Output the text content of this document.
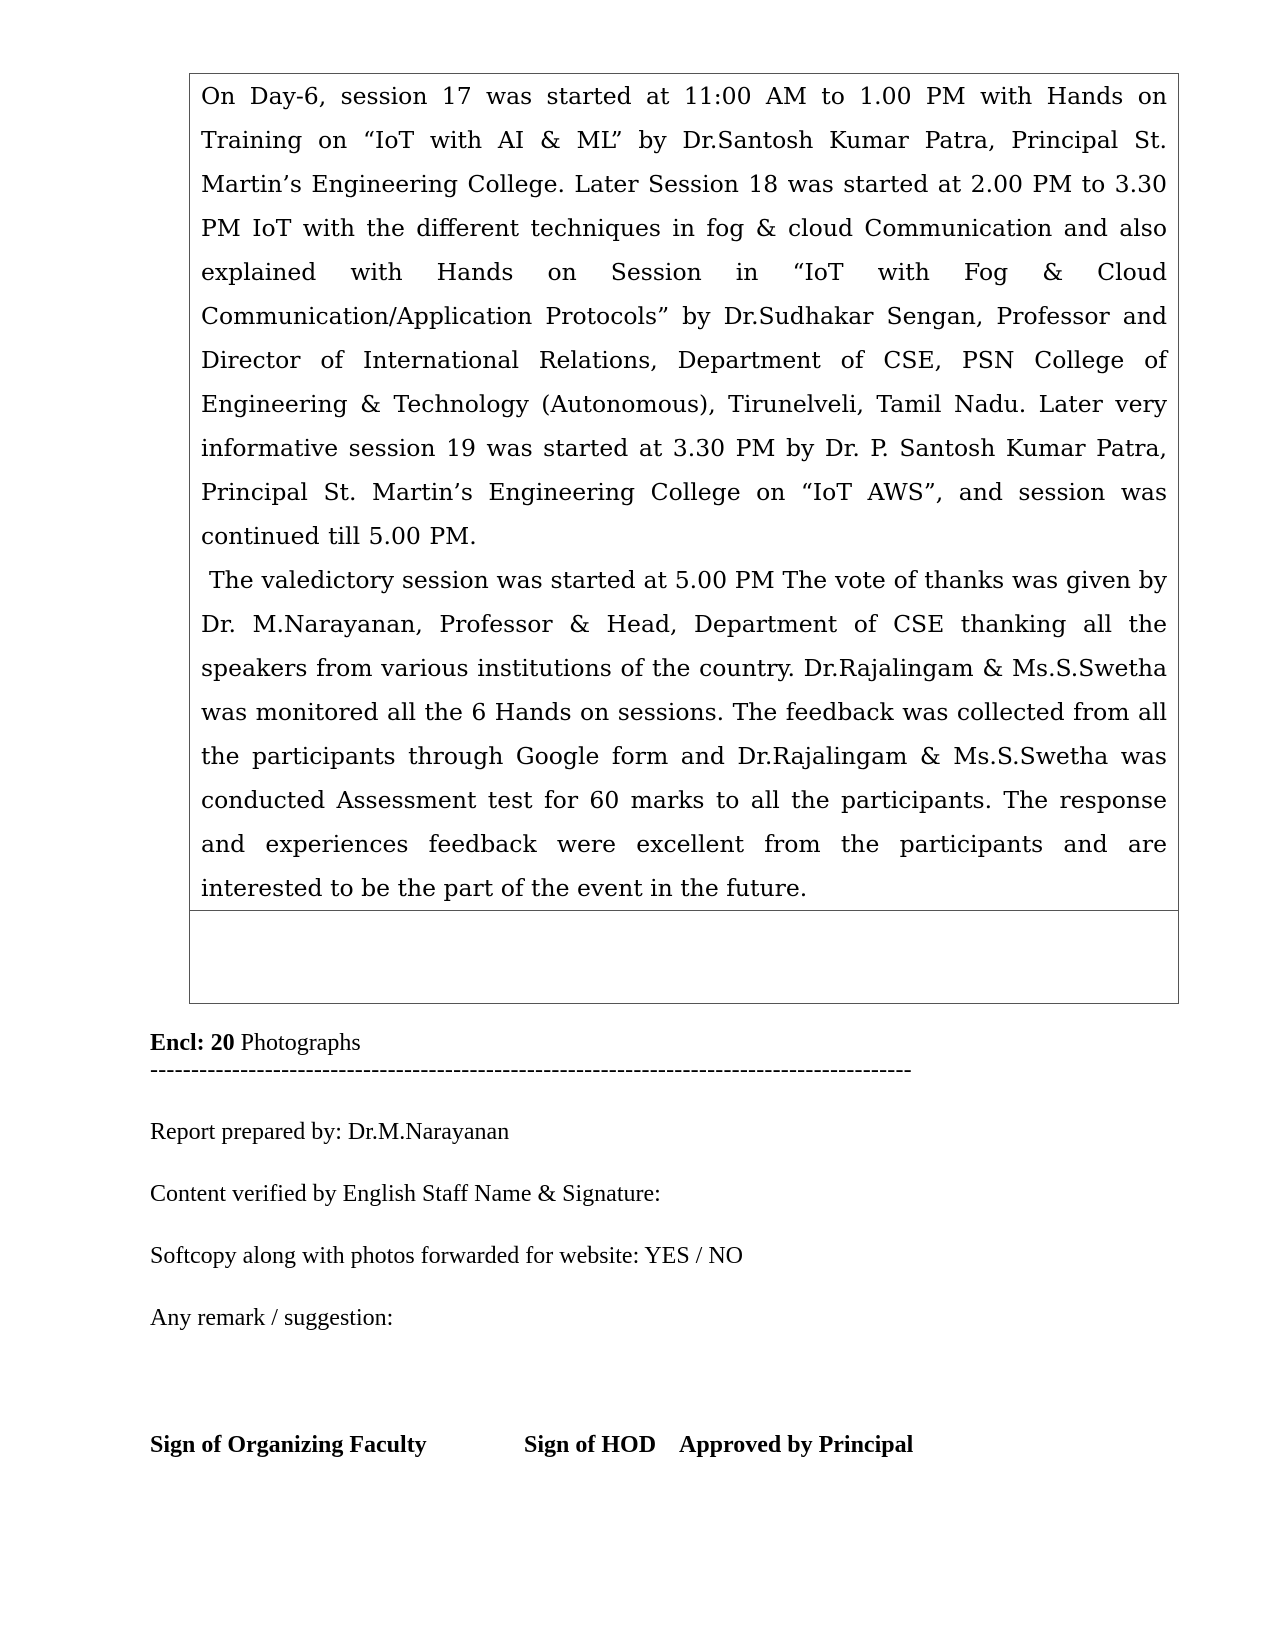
On Day-6, session 17 was started at 11:00 AM to 1.00 PM with Hands on Training on “IoT with AI & ML” by Dr.Santosh Kumar Patra, Principal St. Martin’s Engineering College. Later Session 18 was started at 2.00 PM to 3.30 PM IoT with the different techniques in fog & cloud Communication and also explained with Hands on Session in “IoT with Fog & Cloud Communication/Application Protocols” by Dr.Sudhakar Sengan, Professor and Director of International Relations, Department of CSE, PSN College of Engineering & Technology (Autonomous), Tirunelveli, Tamil Nadu. Later very informative session 19 was started at 3.30 PM by Dr. P. Santosh Kumar Patra, Principal St. Martin’s Engineering College on “IoT AWS”, and session was continued till 5.00 PM.

The valedictory session was started at 5.00 PM The vote of thanks was given by Dr. M.Narayanan, Professor & Head, Department of CSE thanking all the speakers from various institutions of the country. Dr.Rajalingam & Ms.S.Swetha was monitored all the 6 Hands on sessions. The feedback was collected from all the participants through Google form and Dr.Rajalingam & Ms.S.Swetha was conducted Assessment test for 60 marks to all the participants. The response and experiences feedback were excellent from the participants and are interested to be the part of the event in the future.

Encl: 20 Photographs
---------------------------------------------------------------------------------------------
Report prepared by: Dr.M.Narayanan
Content verified by English Staff Name & Signature:
Softcopy along with photos forwarded for website: YES / NO
Any remark / suggestion:
Sign of Organizing Faculty	Sign of HOD Approved by Principal
